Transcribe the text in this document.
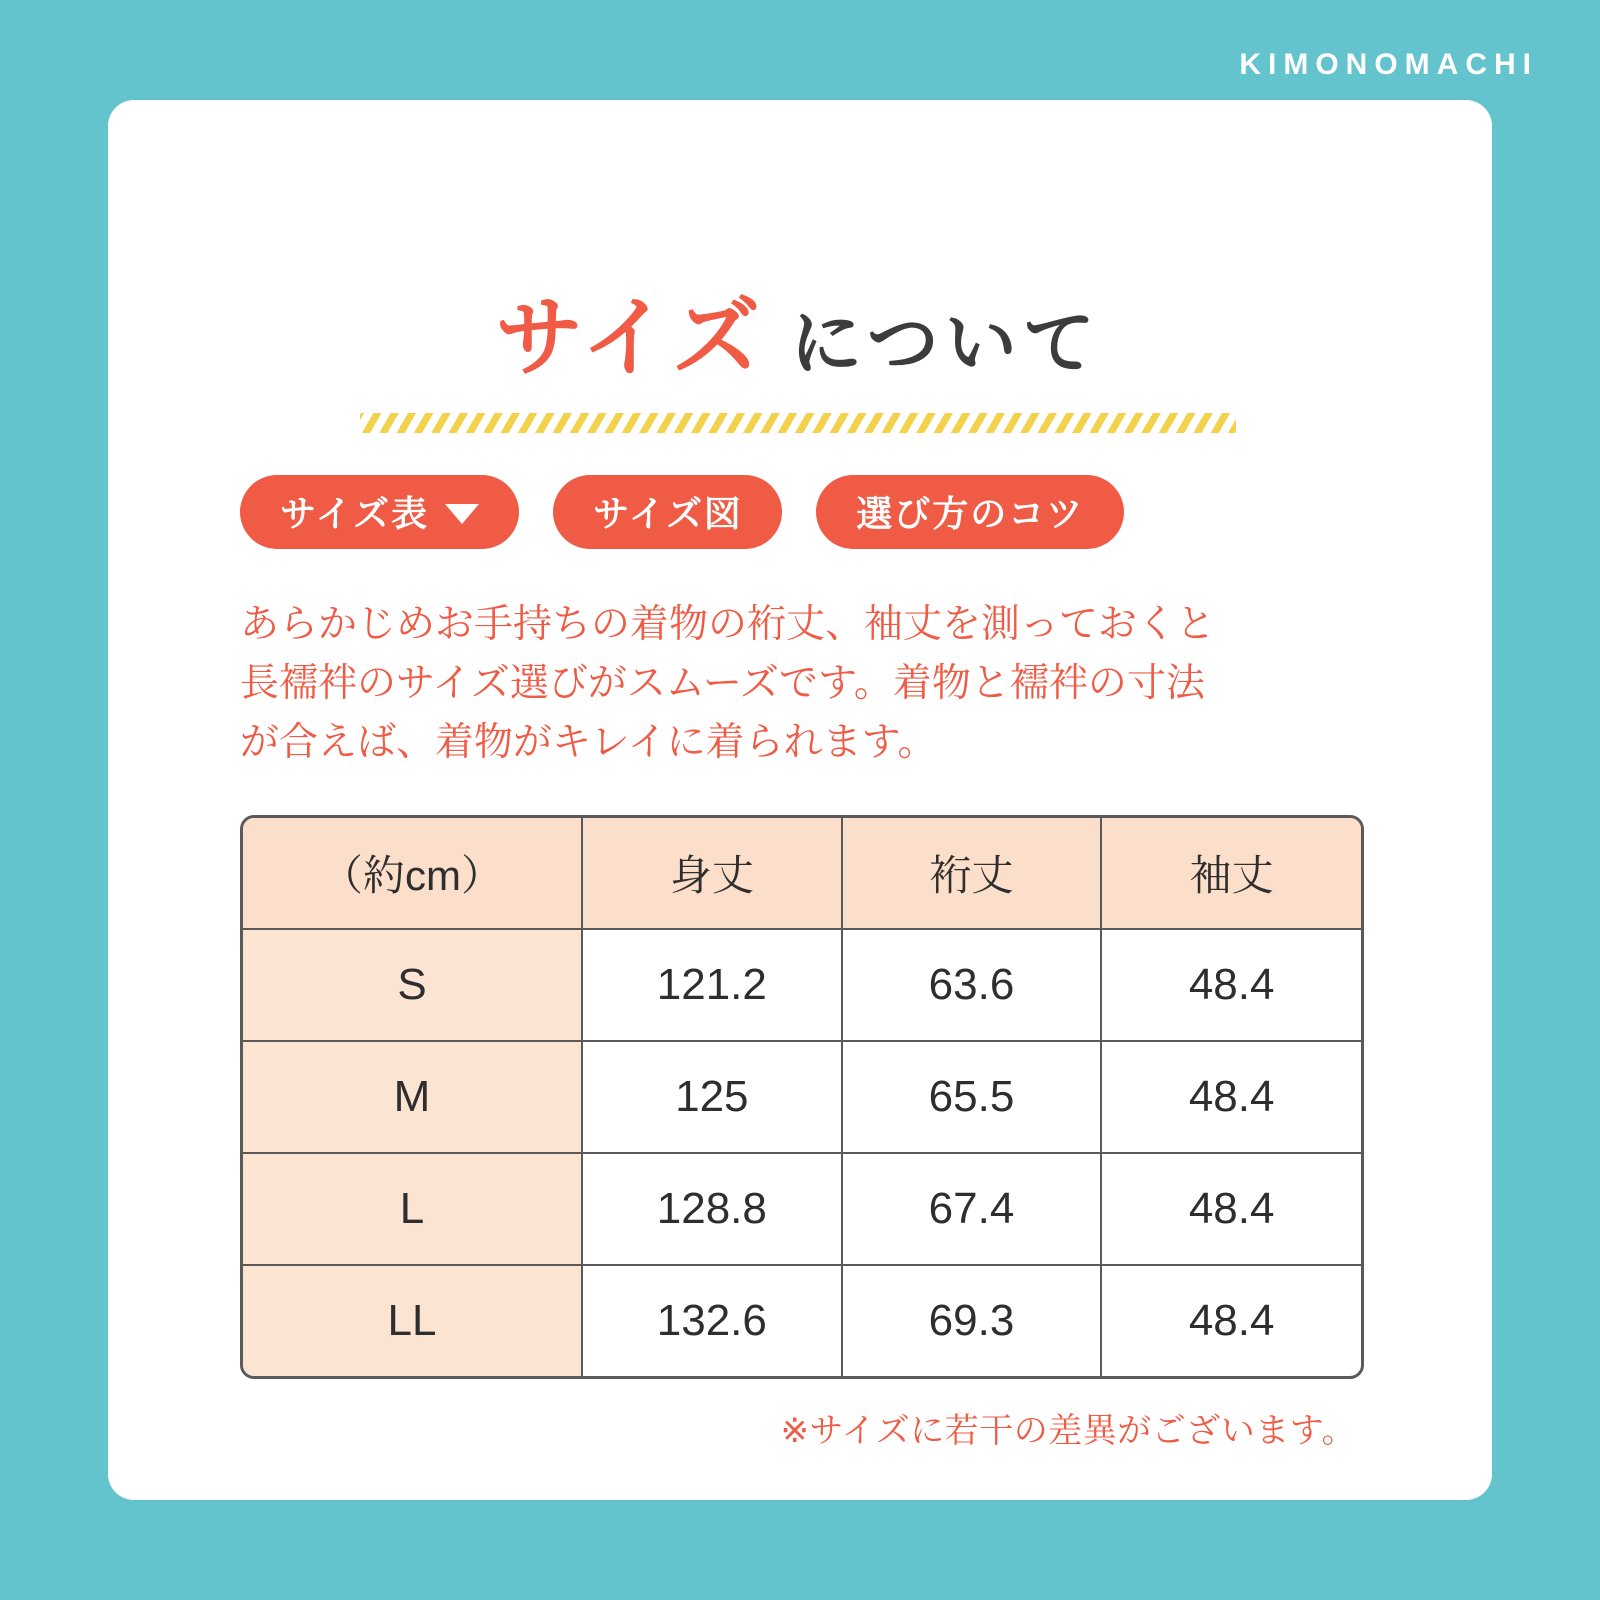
KIMONOMACHI
サイズ について
サイズ表	サイズ図	選び方のコツ

あらかじめお手持ちの着物の裄丈、袖丈を測っておくと長襦袢のサイズ選びがスムーズです。着物と襦袢の寸法が合えば、着物がキレイに着られます。

（約cm）	身丈	裄丈	袖丈
S	121.2	63.6	48.4
M	125	65.5	48.4
L	128.8	67.4	48.4
LL	132.6	69.3	48.4
※サイズに若干の差異がございます。
